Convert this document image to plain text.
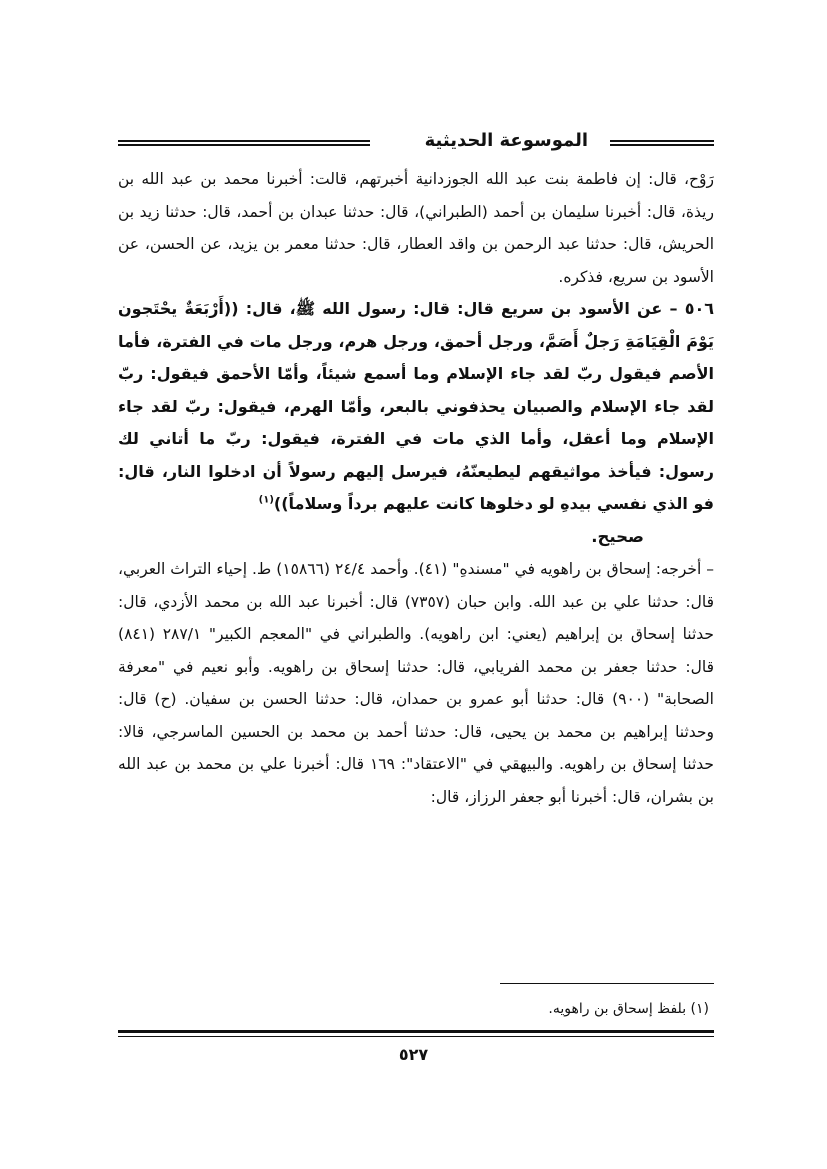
الموسوعة الحديثية

رَوْح، قال: إن فاطمة بنت عبد الله الجوزدانية أخبرتهم، قالت: أخبرنا محمد بن عبد الله بن ريذة، قال: أخبرنا سليمان بن أحمد (الطبراني)، قال: حدثنا عبدان بن أحمد، قال: حدثنا زيد بن الحريش، قال: حدثنا عبد الرحمن بن واقد العطار، قال: حدثنا معمر بن يزيد، عن الحسن، عن الأسود بن سريع، فذكره.

٥٠٦ – عن الأسود بن سريع قال: قال: رسول الله ﷺ، قال: ((أَرْبَعَةٌ يحْتَجون يَوْمَ الْقِيَامَةِ رَجلٌ أَصَمَّ، ورجل أحمق، ورجل هرم، ورجل مات في الفترة، فأما الأصم فيقول ربّ لقد جاء الإسلام وما أسمع شيئاً، وأمّا الأحمق فيقول: ربّ لقد جاء الإسلام والصبيان يحذفوني بالبعر، وأمّا الهرم، فيقول: ربّ لقد جاء الإسلام وما أعقل، وأما الذي مات في الفترة، فيقول: ربّ ما أتاني لك رسول: فيأخذ مواثيقهم ليطيعنّهُ، فيرسل إليهم رسولاً أن ادخلوا النار، قال: فو الذي نفسي بيدهِ لو دخلوها كانت عليهم برداً وسلاماً))$^{(١)}$

صحيح.

– أخرجه: إسحاق بن راهويه في "مسندهِ" (٤١). وأحمد ٢٤/٤ (١٥٨٦٦) ط. إحياء التراث العربي، قال: حدثنا علي بن عبد الله. وابن حبان (٧٣٥٧) قال: أخبرنا عبد الله بن محمد الأزدي، قال: حدثنا إسحاق بن إبراهيم (يعني: ابن راهويه). والطبراني في "المعجم الكبير" ٢٨٧/١ (٨٤١) قال: حدثنا جعفر بن محمد الفريابي، قال: حدثنا إسحاق بن راهويه. وأبو نعيم في "معرفة الصحابة" (٩٠٠) قال: حدثنا أبو عمرو بن حمدان، قال: حدثنا الحسن بن سفيان. (ح) قال: وحدثنا إبراهيم بن محمد بن يحيى، قال: حدثنا أحمد بن محمد بن الحسين الماسرجي، قالا: حدثنا إسحاق بن راهويه. والبيهقي في "الاعتقاد": ١٦٩ قال: أخبرنا علي بن محمد بن عبد الله بن بشران، قال: أخبرنا أبو جعفر الرزاز، قال:

(١) بلفظ إسحاق بن راهويه.
٥٢٧
